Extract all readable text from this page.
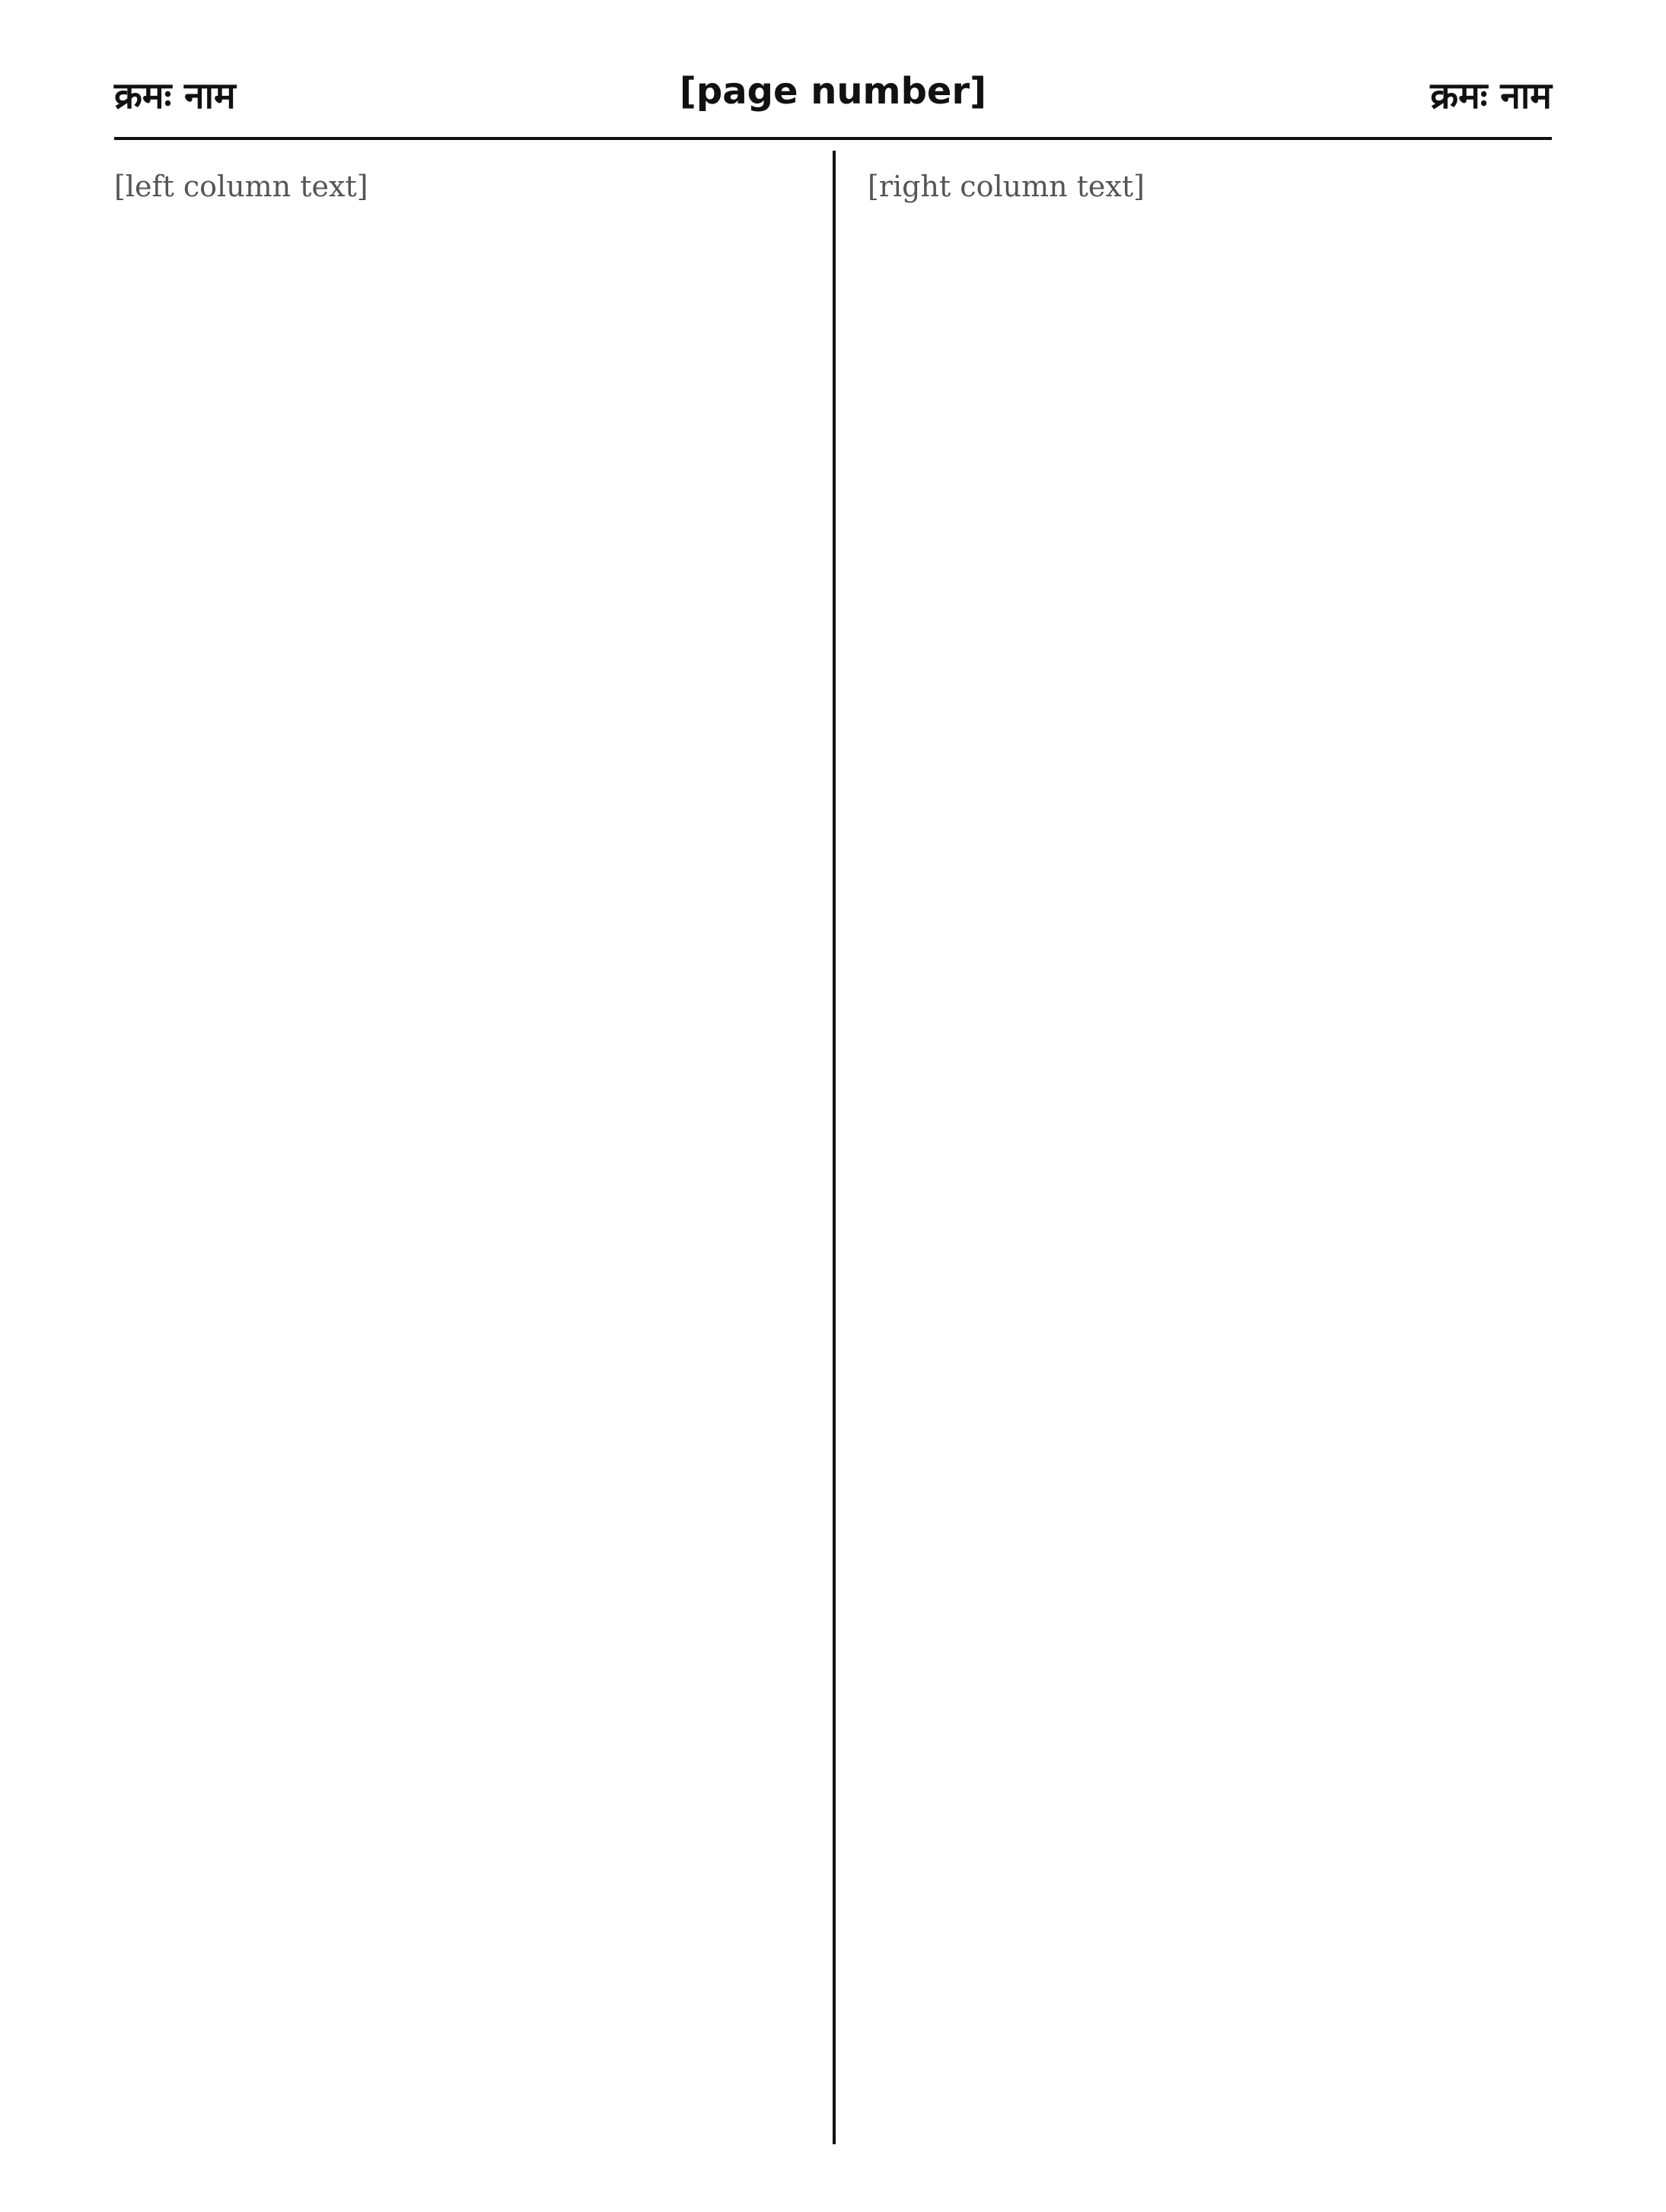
क्रमः नाम	[page number]	क्रमः नाम
[left column text]	[right column text]
